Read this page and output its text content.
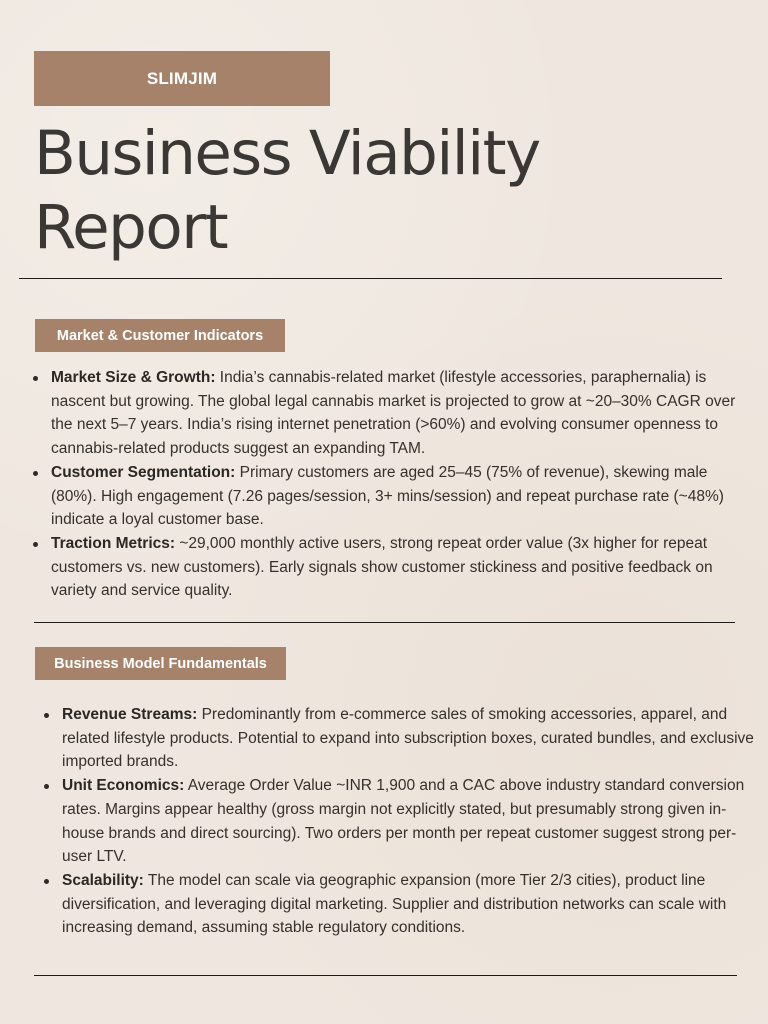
SLIMJIM
Business Viability
Report
Market & Customer Indicators
Market Size & Growth: India’s cannabis-related market (lifestyle accessories, paraphernalia) is nascent but growing. The global legal cannabis market is projected to grow at ~20–30% CAGR over the next 5–7 years. India’s rising internet penetration (>60%) and evolving consumer openness to cannabis-related products suggest an expanding TAM.
Customer Segmentation: Primary customers are aged 25–45 (75% of revenue), skewing male (80%). High engagement (7.26 pages/session, 3+ mins/session) and repeat purchase rate (~48%) indicate a loyal customer base.
Traction Metrics: ~29,000 monthly active users, strong repeat order value (3x higher for repeat customers vs. new customers). Early signals show customer stickiness and positive feedback on variety and service quality.
Business Model Fundamentals
Revenue Streams: Predominantly from e-commerce sales of smoking accessories, apparel, and related lifestyle products. Potential to expand into subscription boxes, curated bundles, and exclusive imported brands.
Unit Economics: Average Order Value ~INR 1,900 and a CAC above industry standard conversion rates. Margins appear healthy (gross margin not explicitly stated, but presumably strong given in-house brands and direct sourcing). Two orders per month per repeat customer suggest strong per-user LTV.
Scalability: The model can scale via geographic expansion (more Tier 2/3 cities), product line diversification, and leveraging digital marketing. Supplier and distribution networks can scale with increasing demand, assuming stable regulatory conditions.
